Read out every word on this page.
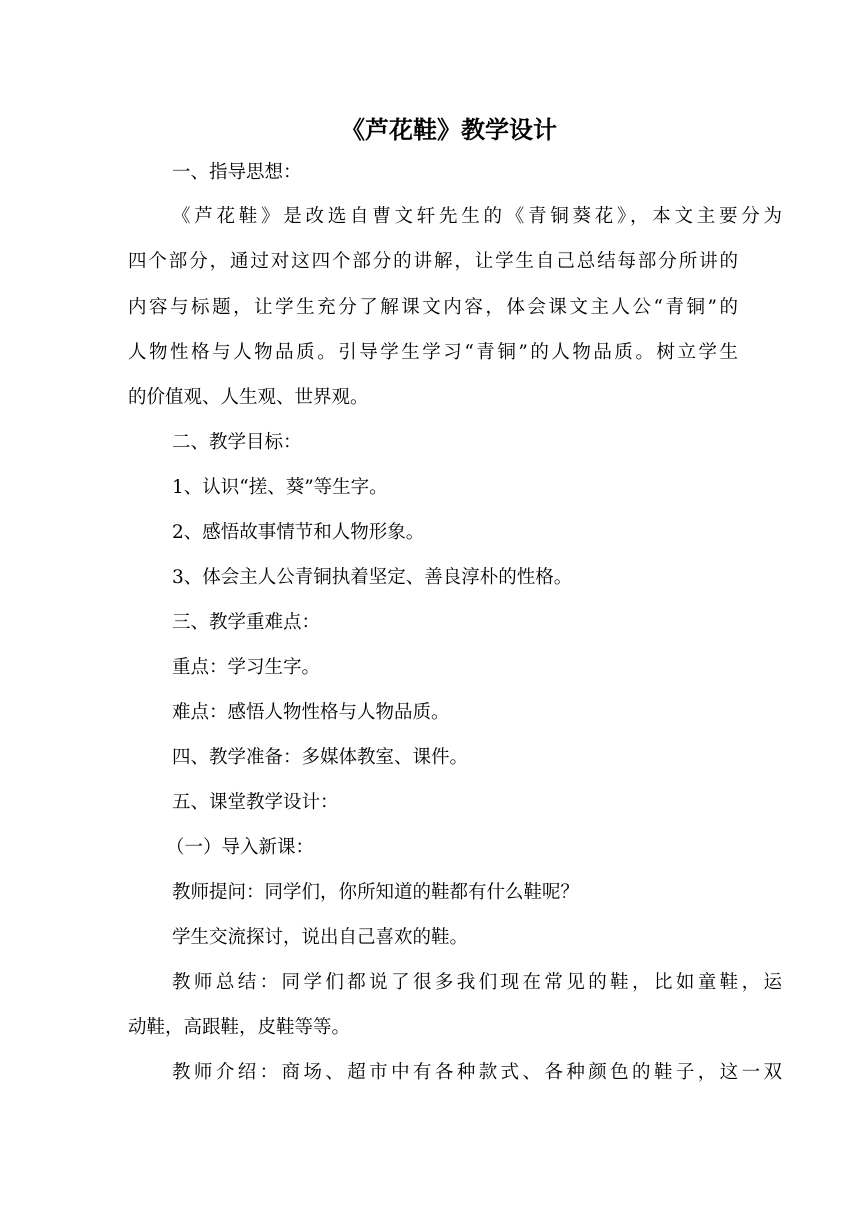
《芦花鞋》教学设计
一、指导思想：
《芦花鞋》是改选自曹文轩先生的《青铜葵花》，本文主要分为
四个部分，通过对这四个部分的讲解，让学生自己总结每部分所讲的
内容与标题，让学生充分了解课文内容，体会课文主人公“青铜”的
人物性格与人物品质。引导学生学习“青铜”的人物品质。树立学生
的价值观、人生观、世界观。
二、教学目标：
1、认识“搓、葵”等生字。
2、感悟故事情节和人物形象。
3、体会主人公青铜执着坚定、善良淳朴的性格。
三、教学重难点：
重点：学习生字。
难点：感悟人物性格与人物品质。
四、教学准备：多媒体教室、课件。
五、课堂教学设计：
（一）导入新课：
教师提问：同学们，你所知道的鞋都有什么鞋呢？
学生交流探讨，说出自己喜欢的鞋。
教师总结：同学们都说了很多我们现在常见的鞋，比如童鞋，运
动鞋，高跟鞋，皮鞋等等。
教师介绍：商场、超市中有各种款式、各种颜色的鞋子，这一双
